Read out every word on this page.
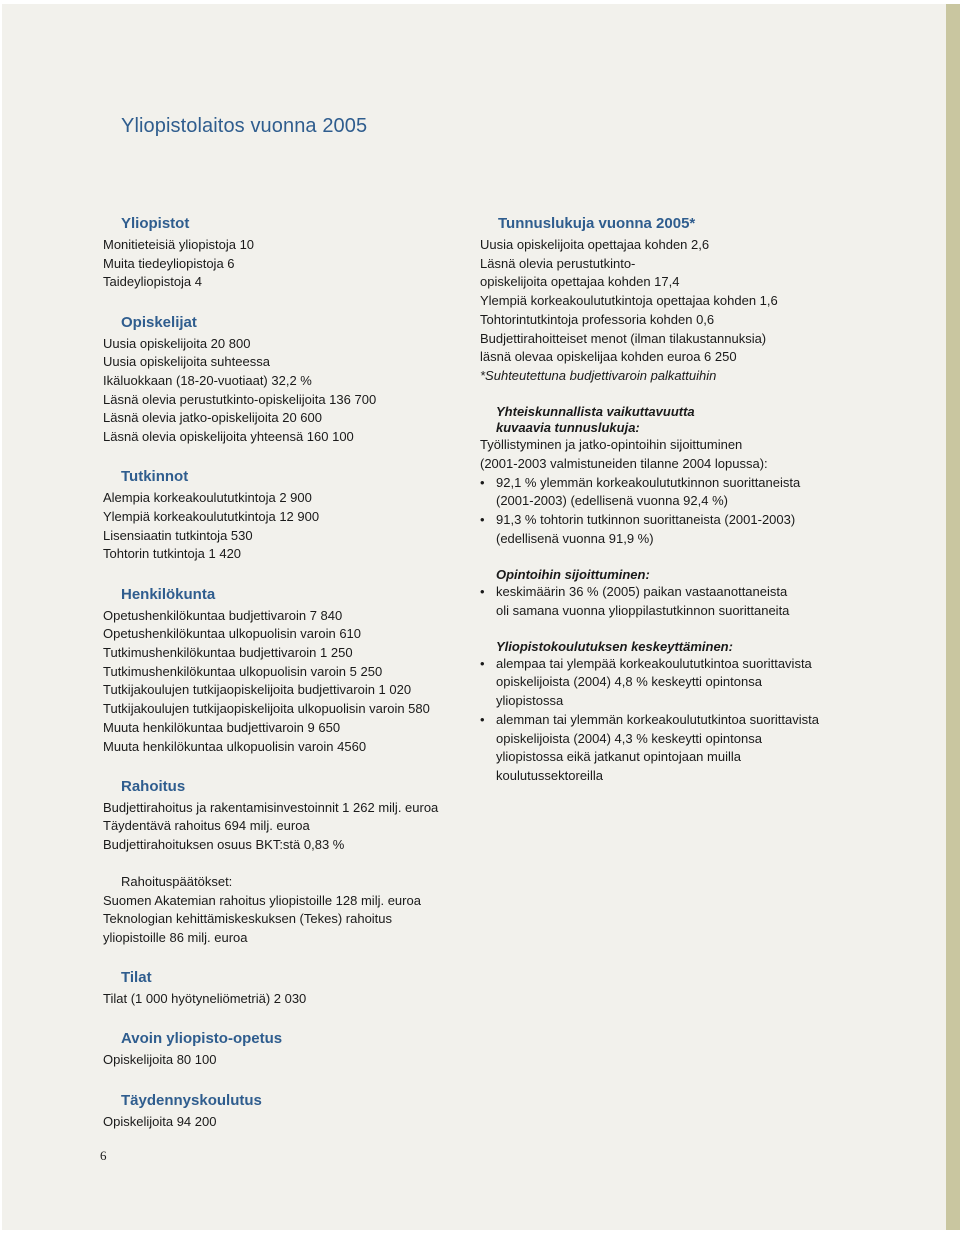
Yliopistolaitos vuonna 2005

Yliopistot

Monitieteisiä yliopistoja 10

Muita tiedeyliopistoja 6

Taideyliopistoja 4

Opiskelijat

Uusia opiskelijoita 20 800

Uusia opiskelijoita suhteessa

Ikäluokkaan (18-20-vuotiaat) 32,2 %

Läsnä olevia perustutkinto-opiskelijoita 136 700

Läsnä olevia jatko-opiskelijoita 20 600

Läsnä olevia opiskelijoita yhteensä 160 100

Tutkinnot

Alempia korkeakoulututkintoja 2 900

Ylempiä korkeakoulututkintoja 12 900

Lisensiaatin tutkintoja 530

Tohtorin tutkintoja 1 420

Henkilökunta

Opetushenkilökuntaa budjettivaroin 7 840

Opetushenkilökuntaa ulkopuolisin varoin 610

Tutkimushenkilökuntaa budjettivaroin 1 250

Tutkimushenkilökuntaa ulkopuolisin varoin 5 250

Tutkijakoulujen tutkijaopiskelijoita budjettivaroin 1 020

Tutkijakoulujen tutkijaopiskelijoita ulkopuolisin varoin 580

Muuta henkilökuntaa budjettivaroin 9 650

Muuta henkilökuntaa ulkopuolisin varoin 4560

Rahoitus

Budjettirahoitus ja rakentamisinvestoinnit 1 262 milj. euroa

Täydentävä rahoitus 694 milj. euroa

Budjettirahoituksen osuus BKT:stä 0,83 %

Rahoituspäätökset:

Suomen Akatemian rahoitus yliopistoille 128 milj. euroa

Teknologian kehittämiskeskuksen (Tekes) rahoitus

yliopistoille 86 milj. euroa

Tilat

Tilat (1 000 hyötyneliömetriä) 2 030

Avoin yliopisto-opetus

Opiskelijoita 80 100

Täydennyskoulutus

Opiskelijoita 94 200

Tunnuslukuja vuonna 2005*

Uusia opiskelijoita opettajaa kohden 2,6

Läsnä olevia perustutkinto-

opiskelijoita opettajaa kohden 17,4

Ylempiä korkeakoulututkintoja opettajaa kohden 1,6

Tohtorintutkintoja professoria kohden 0,6

Budjettirahoitteiset menot (ilman tilakustannuksia)

läsnä olevaa opiskelijaa kohden euroa 6 250

*Suhteutettuna budjettivaroin palkattuihin

Yhteiskunnallista vaikuttavuutta

kuvaavia tunnuslukuja:

Työllistyminen ja jatko-opintoihin sijoittuminen

(2001-2003 valmistuneiden tilanne 2004 lopussa):

• 92,1 % ylemmän korkeakoulututkinnon suorittaneista

(2001-2003) (edellisenä vuonna 92,4 %)

• 91,3 % tohtorin tutkinnon suorittaneista (2001-2003)

(edellisenä vuonna 91,9 %)

Opintoihin sijoittuminen:

• keskimäärin 36 % (2005) paikan vastaanottaneista

oli samana vuonna ylioppilastutkinnon suorittaneita

Yliopistokoulutuksen keskeyttäminen:

• alempaa tai ylempää korkeakoulututkintoa suorittavista

opiskelijoista (2004) 4,8 % keskeytti opintonsa

yliopistossa

• alemman tai ylemmän korkeakoulututkintoa suorittavista

opiskelijoista (2004) 4,3 % keskeytti opintonsa

yliopistossa eikä jatkanut opintojaan muilla

koulutussektoreilla

6
